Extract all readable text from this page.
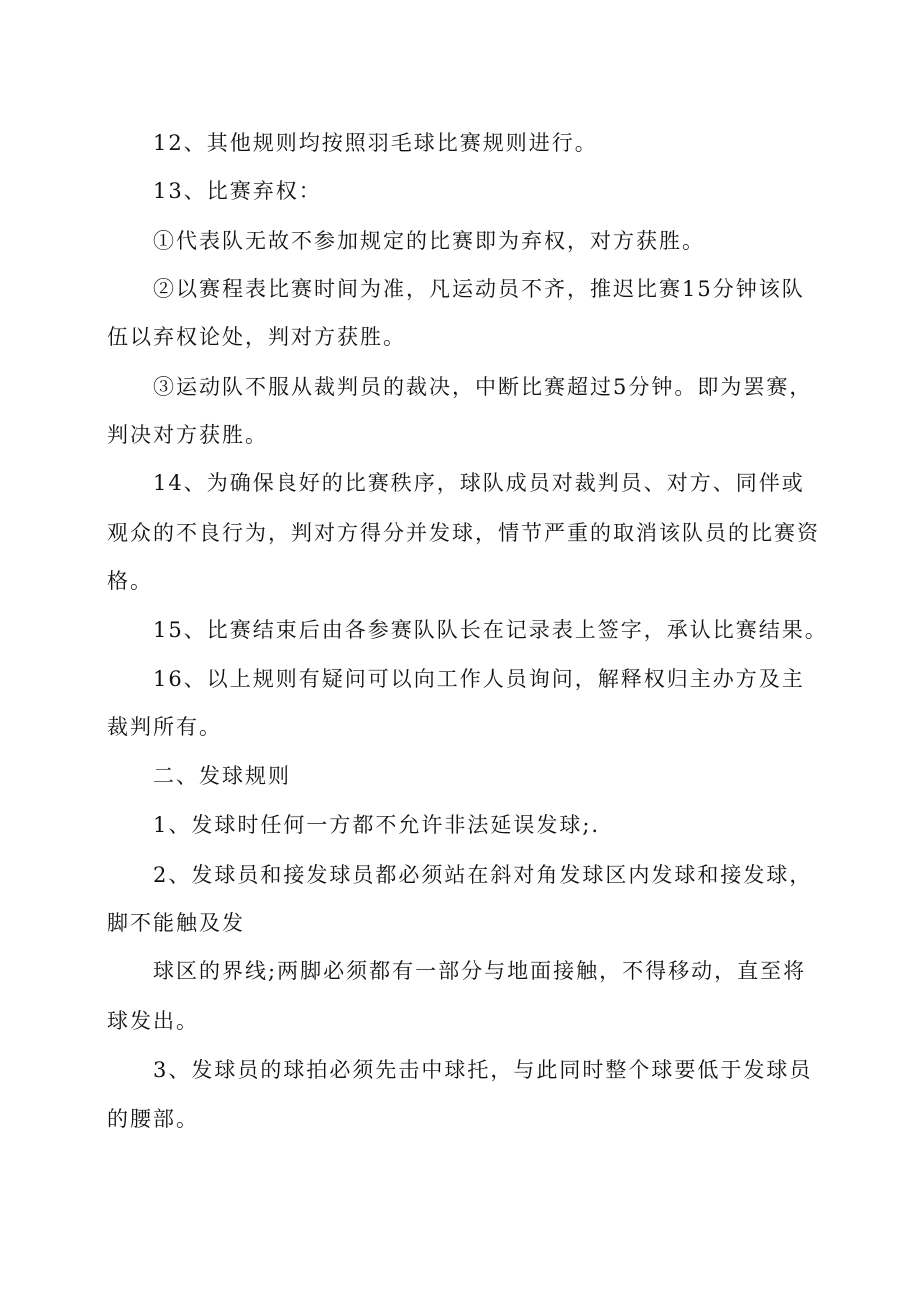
12、其他规则均按照羽毛球比赛规则进行。
13、比赛弃权：
①代表队无故不参加规定的比赛即为弃权，对方获胜。
②以赛程表比赛时间为准，凡运动员不齐，推迟比赛15分钟该队
伍以弃权论处，判对方获胜。
③运动队不服从裁判员的裁决，中断比赛超过5分钟。即为罢赛，
判决对方获胜。
14、为确保良好的比赛秩序，球队成员对裁判员、对方、同伴或
观众的不良行为，判对方得分并发球，情节严重的取消该队员的比赛资
格。
15、比赛结束后由各参赛队队长在记录表上签字，承认比赛结果。
16、以上规则有疑问可以向工作人员询问，解释权归主办方及主
裁判所有。
二、发球规则
1、发球时任何一方都不允许非法延误发球;.
2、发球员和接发球员都必须站在斜对角发球区内发球和接发球，
脚不能触及发
球区的界线;两脚必须都有一部分与地面接触，不得移动，直至将
球发出。
3、发球员的球拍必须先击中球托，与此同时整个球要低于发球员
的腰部。
